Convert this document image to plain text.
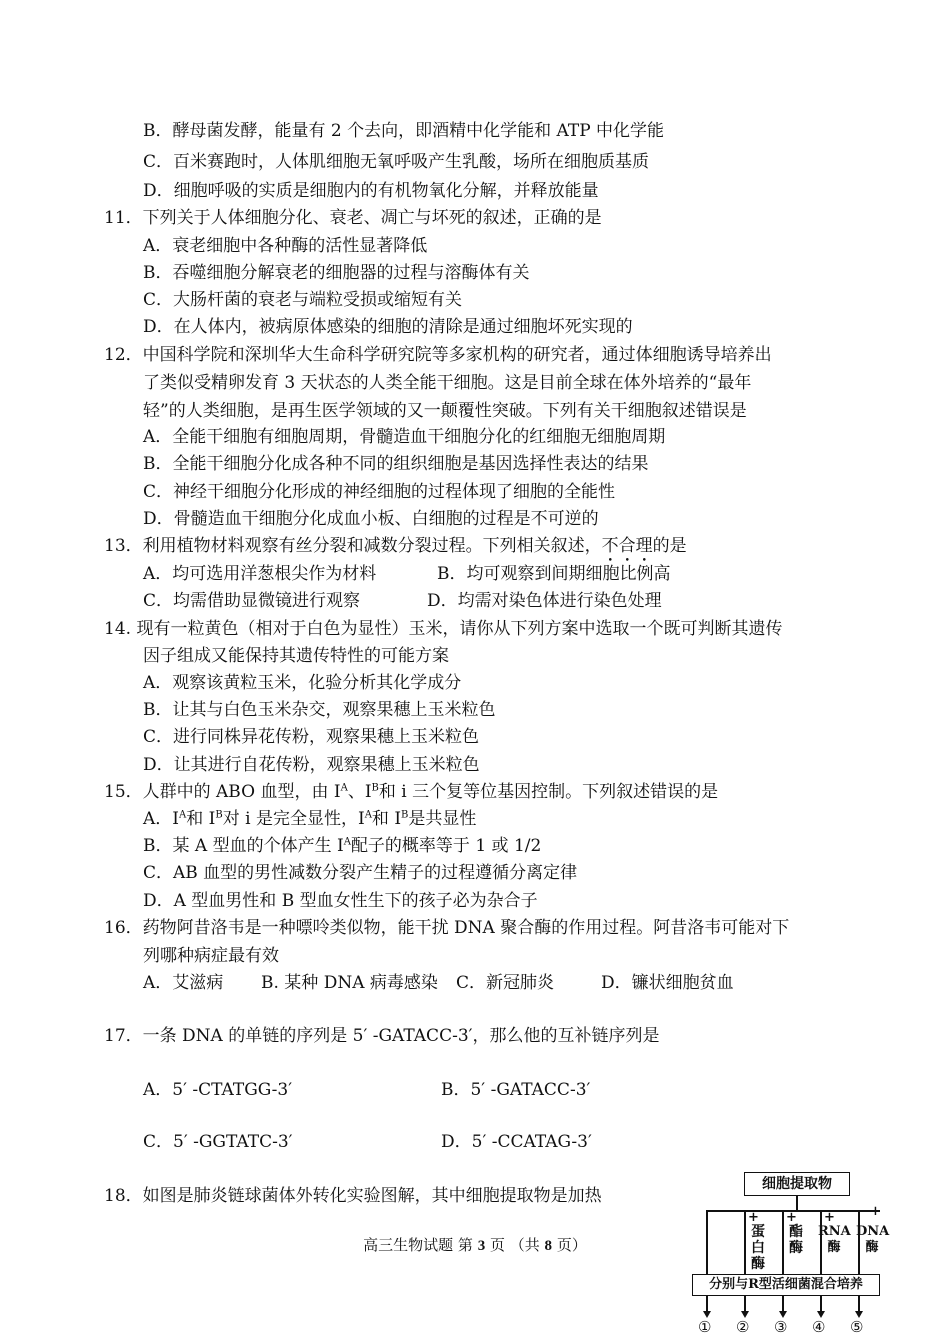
B．酵母菌发酵，能量有 2 个去向，即酒精中化学能和 ATP 中化学能
C．百米赛跑时，人体肌细胞无氧呼吸产生乳酸，场所在细胞质基质
D．细胞呼吸的实质是细胞内的有机物氧化分解，并释放能量
11．下列关于人体细胞分化、衰老、凋亡与坏死的叙述，正确的是
A．衰老细胞中各种酶的活性显著降低
B．吞噬细胞分解衰老的细胞器的过程与溶酶体有关
C．大肠杆菌的衰老与端粒受损或缩短有关
D．在人体内，被病原体感染的细胞的清除是通过细胞坏死实现的
12．中国科学院和深圳华大生命科学研究院等多家机构的研究者，通过体细胞诱导培养出
了类似受精卵发育 3 天状态的人类全能干细胞。这是目前全球在体外培养的“最年
轻”的人类细胞，是再生医学领域的又一颠覆性突破。下列有关干细胞叙述错误是
A．全能干细胞有细胞周期，骨髓造血干细胞分化的红细胞无细胞周期
B．全能干细胞分化成各种不同的组织细胞是基因选择性表达的结果
C．神经干细胞分化形成的神经细胞的过程体现了细胞的全能性
D．骨髓造血干细胞分化成血小板、白细胞的过程是不可逆的
13．利用植物材料观察有丝分裂和减数分裂过程。下列相关叙述，不合理的是
A．均可选用洋葱根尖作为材料	B．均可观察到间期细胞比例高
C．均需借助显微镜进行观察	D．均需对染色体进行染色处理
14. 现有一粒黄色（相对于白色为显性）玉米，请你从下列方案中选取一个既可判断其遗传
因子组成又能保持其遗传特性的可能方案
A．观察该黄粒玉米，化验分析其化学成分
B．让其与白色玉米杂交，观察果穗上玉米粒色
C．进行同株异花传粉，观察果穗上玉米粒色
D．让其进行自花传粉，观察果穗上玉米粒色
15．人群中的 ABO 血型，由 $I^A$、$I^B$和 i 三个复等位基因控制。下列叙述错误的是
A．$I^A$和 $I^B$对 i 是完全显性，$I^A$和 $I^B$是共显性
B．某 A 型血的个体产生 $I^A$配子的概率等于 1 或 1/2
C．AB 血型的男性减数分裂产生精子的过程遵循分离定律
D．A 型血男性和 B 型血女性生下的孩子必为杂合子
16．药物阿昔洛韦是一种嘌呤类似物，能干扰 DNA 聚合酶的作用过程。阿昔洛韦可能对下
列哪种病症最有效
A．艾滋病 B. 某种 DNA 病毒感染 C．新冠肺炎	D．镰状细胞贫血
17．一条 DNA 的单链的序列是 5′ -GATACC-3′，那么他的互补链序列是
A．5′ -CTATGG-3′	B．5′ -GATACC-3′
C．5′ -GGTATC-3′	D．5′ -CCATAG-3′
18．如图是肺炎链球菌体外转化实验图解，其中细胞提取物是加热
高三生物试题 第 3 页 （共 8 页）
细胞提取物
+ + +	+
蛋白酶
酯酶
RNA酶
DNA酶
分别与R型活细菌混合培养
① ② ③ ④ ⑤
